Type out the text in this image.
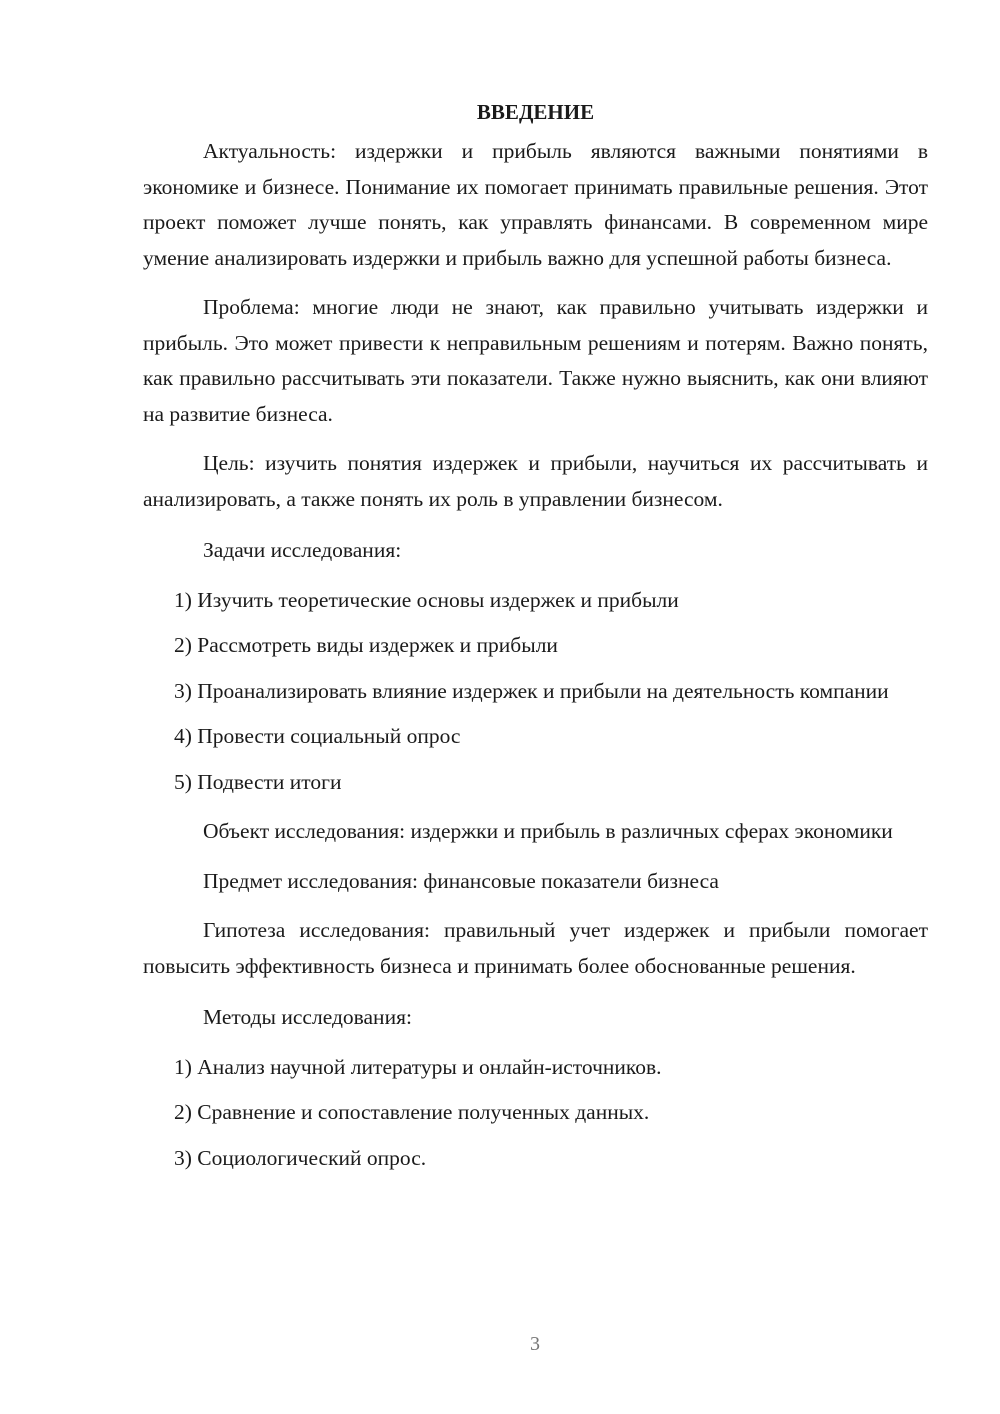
ВВЕДЕНИЕ

Актуальность: издержки и прибыль являются важными понятиями в экономике и бизнесе. Понимание их помогает принимать правильные решения. Этот проект поможет лучше понять, как управлять финансами. В современном мире умение анализировать издержки и прибыль важно для успешной работы бизнеса.

Проблема: многие люди не знают, как правильно учитывать издержки и прибыль. Это может привести к неправильным решениям и потерям. Важно понять, как правильно рассчитывать эти показатели. Также нужно выяснить, как они влияют на развитие бизнеса.

Цель: изучить понятия издержек и прибыли, научиться их рассчитывать и анализировать, а также понять их роль в управлении бизнесом.

Задачи исследования:

1) Изучить теоретические основы издержек и прибыли

2) Рассмотреть виды издержек и прибыли

3) Проанализировать влияние издержек и прибыли на деятельность компании

4) Провести социальный опрос

5) Подвести итоги

Объект исследования: издержки и прибыль в различных сферах экономики

Предмет исследования: финансовые показатели бизнеса

Гипотеза исследования: правильный учет издержек и прибыли помогает повысить эффективность бизнеса и принимать более обоснованные решения.

Методы исследования:

1) Анализ научной литературы и онлайн-источников.

2) Сравнение и сопоставление полученных данных.

3) Социологический опрос.

3
